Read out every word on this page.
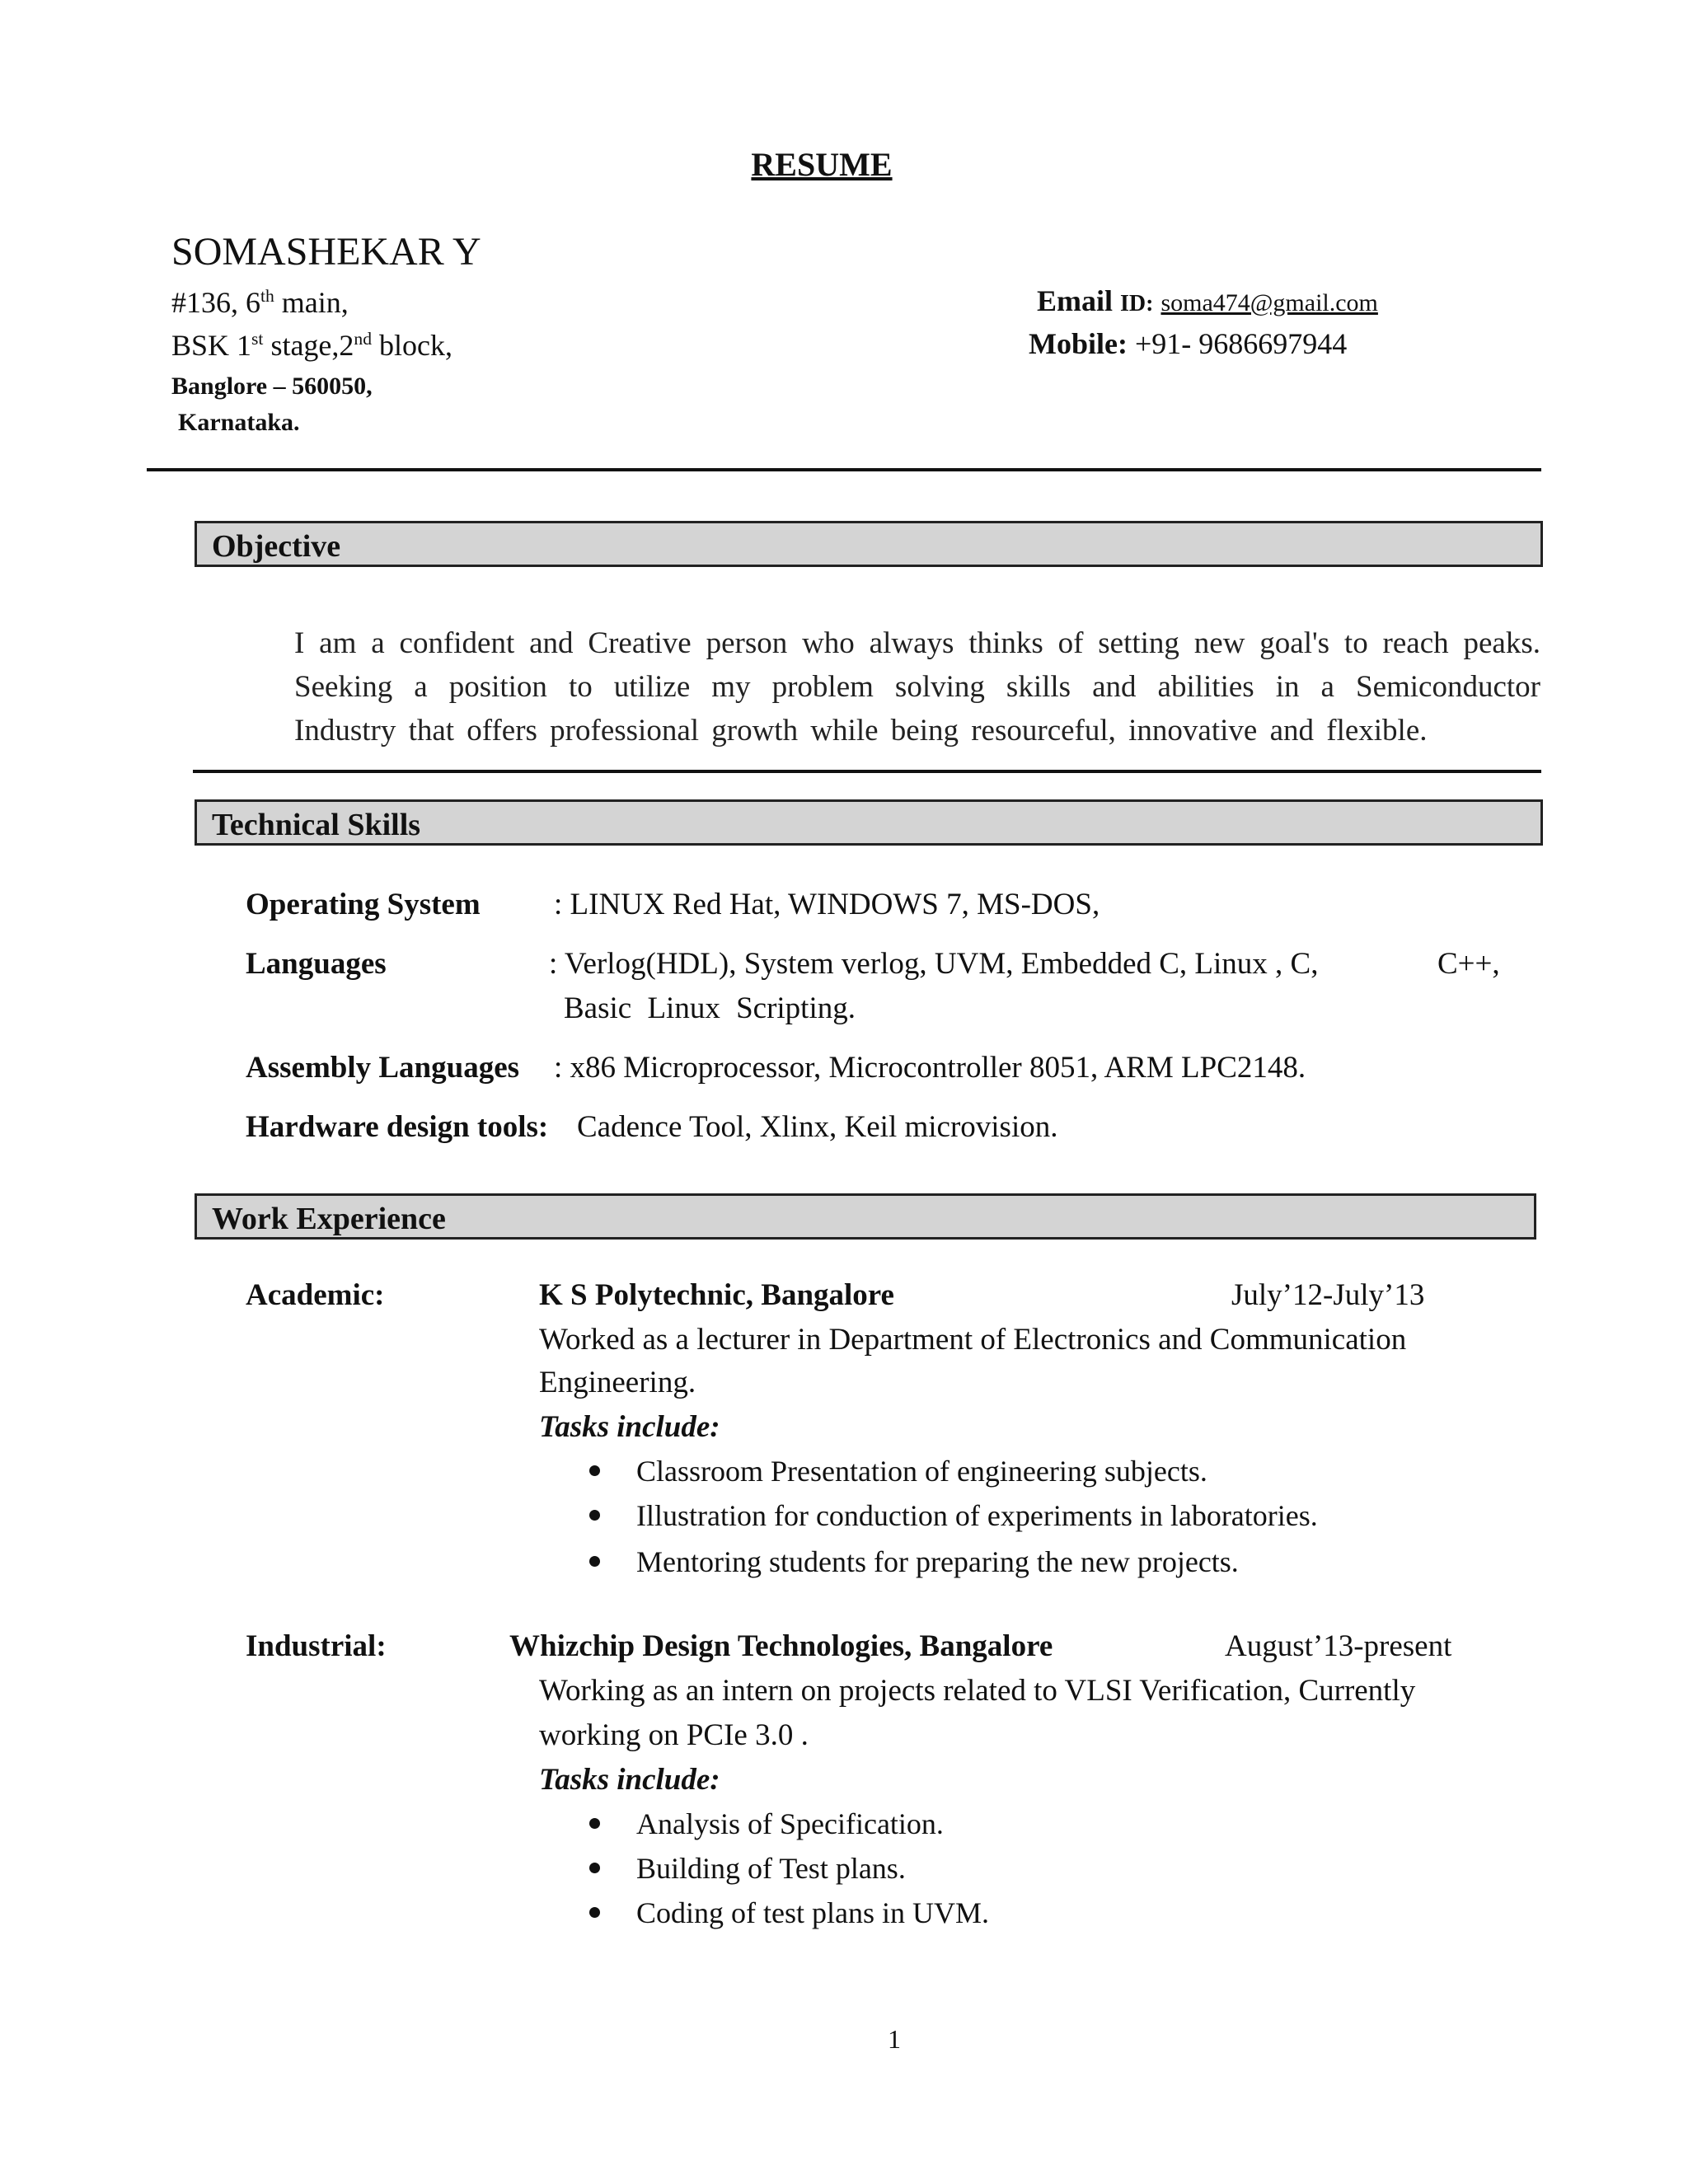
RESUME
SOMASHEKAR Y
#136, 6th main,
BSK 1st stage,2nd block,
Banglore – 560050,
Karnataka.
Email ID: soma474@gmail.com
Mobile: +91- 9686697944
Objective
I am a confident and Creative person who always thinks of setting new goal's to reach peaks.
Seeking a position to utilize my problem solving skills and abilities in a Semiconductor
Industry that offers professional growth while being resourceful, innovative and flexible.
Technical Skills
Operating System : LINUX Red Hat, WINDOWS 7, MS-DOS,
Languages	: Verlog(HDL), System verlog, UVM, Embedded C, Linux , C,	C++,
Basic Linux Scripting.
Assembly Languages : x86 Microprocessor, Microcontroller 8051, ARM LPC2148.
Hardware design tools: Cadence Tool, Xlinx, Keil microvision.
Work Experience
Academic:	K S Polytechnic, Bangalore	July’12-July’13
Worked as a lecturer in Department of Electronics and Communication
Engineering.
Tasks include:
Classroom Presentation of engineering subjects.
Illustration for conduction of experiments in laboratories.
Mentoring students for preparing the new projects.
Industrial:	Whizchip Design Technologies, Bangalore	August’13-present
Working as an intern on projects related to VLSI Verification, Currently
working on PCIe 3.0 .
Tasks include:
Analysis of Specification.
Building of Test plans.
Coding of test plans in UVM.
1
